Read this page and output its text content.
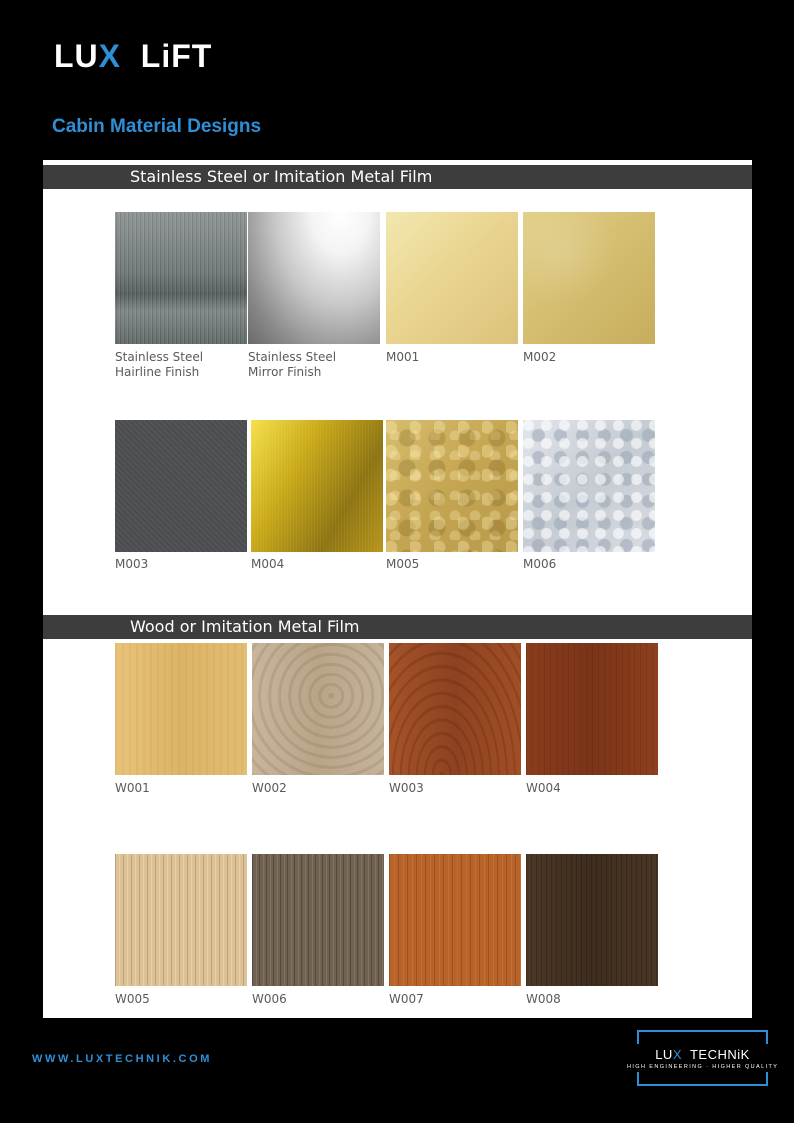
LUX  LiFT
Cabin Material Designs
Stainless Steel or Imitation Metal Film
Stainless Steel
Hairline Finish
Stainless Steel
Mirror Finish
M001	M002
M003	M004	M005	M006
Wood or Imitation Metal Film
W001	W002	W003	W004
W005	W006	W007	W008
WWW.LUXTECHNIK.COM	LUX  TECHNiK
HIGH ENGINEERING · HIGHER QUALITY
